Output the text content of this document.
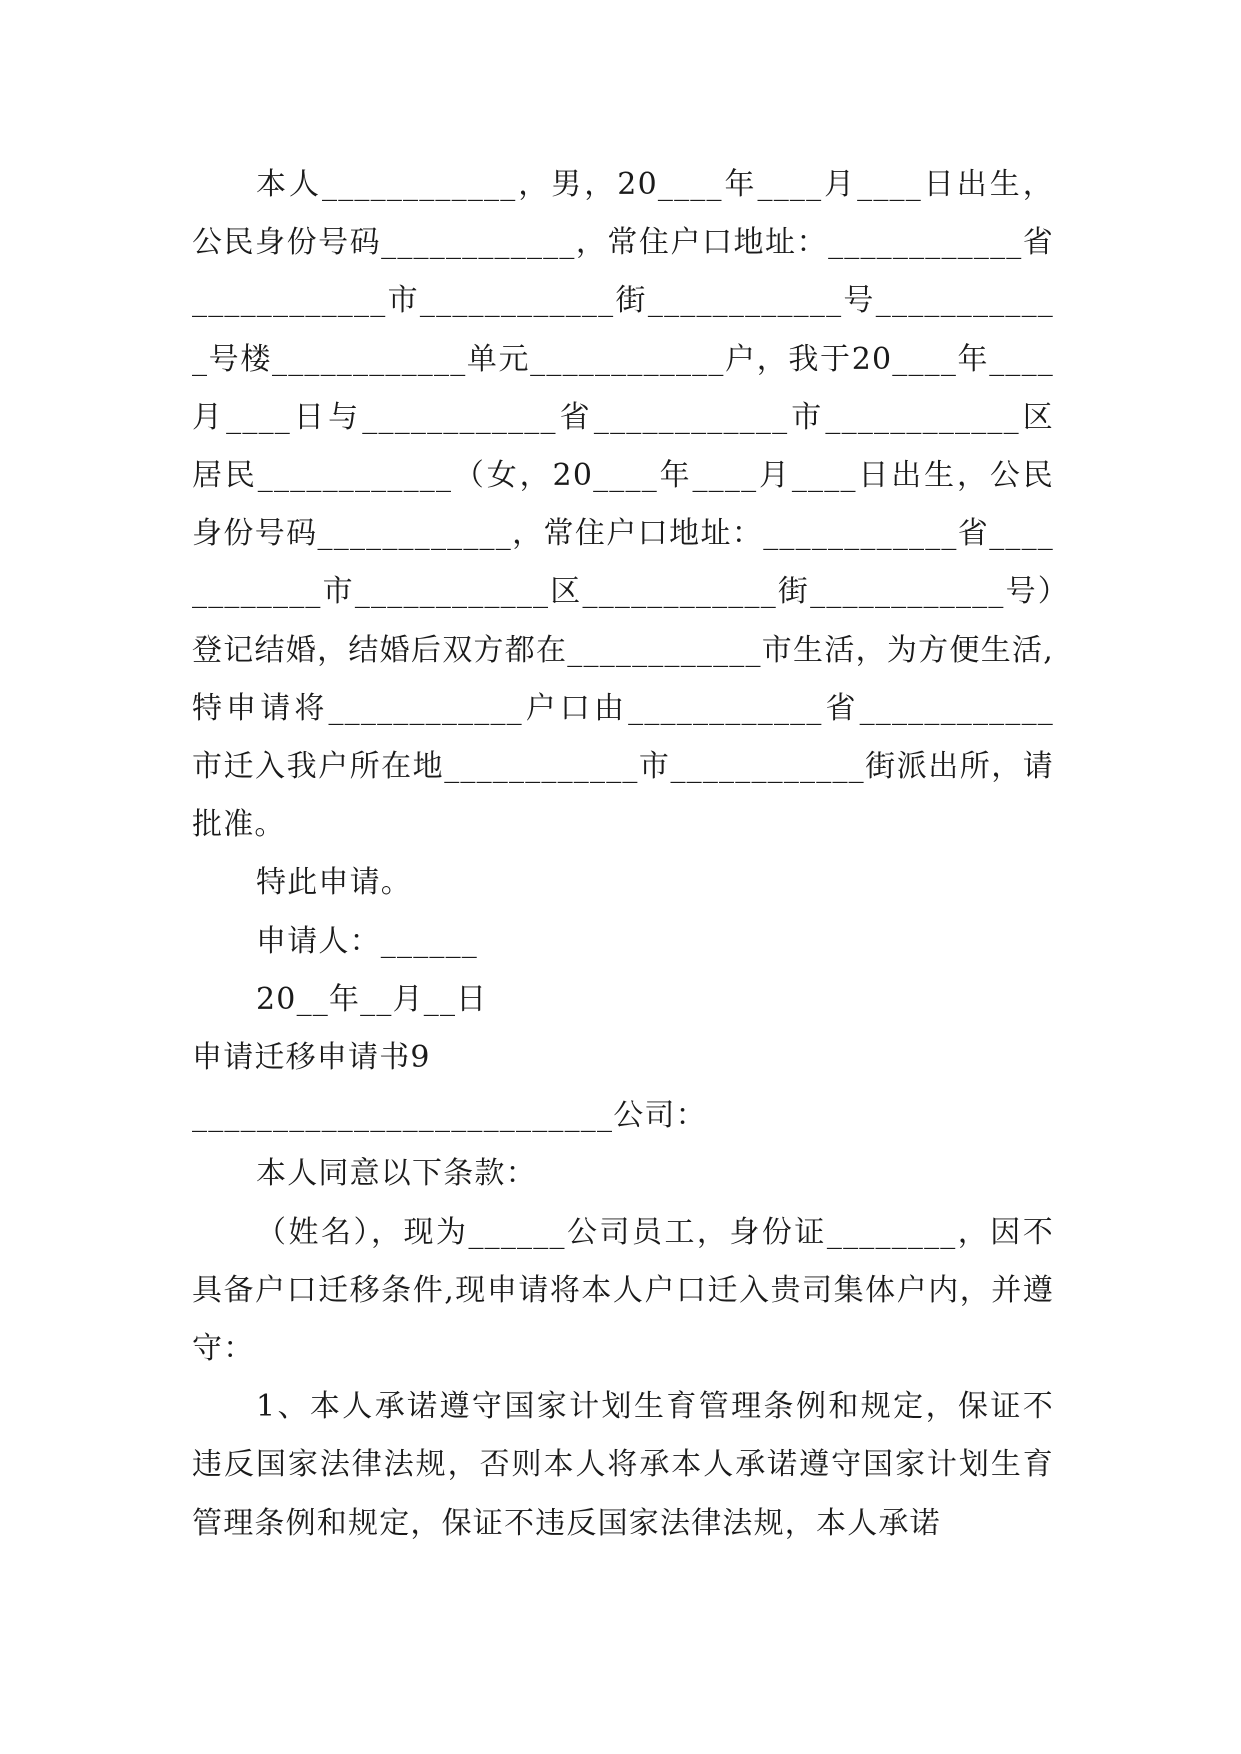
本人____________，男，20____年____月____日出生，公民身份号码____________，常住户口地址：____________省____________市____________街____________号____________号楼____________单元____________户，我于20____年____月____日与____________省____________市____________区居民____________（女，20____年____月____日出生，公民身份号码____________，常住户口地址：____________省____________市____________区____________街____________号）登记结婚，结婚后双方都在____________市生活，为方便生活,特申请将____________户口由____________省____________市迁入我户所在地____________市____________街派出所，请批准。

特此申请。

申请人：______

20__年__月__日

申请迁移申请书9

__________________________公司：

本人同意以下条款：

（姓名），现为______公司员工，身份证________，因不具备户口迁移条件,现申请将本人户口迁入贵司集体户内，并遵守：

1、本人承诺遵守国家计划生育管理条例和规定，保证不违反国家法律法规，否则本人将承本人承诺遵守国家计划生育管理条例和规定，保证不违反国家法律法规，本人承诺
